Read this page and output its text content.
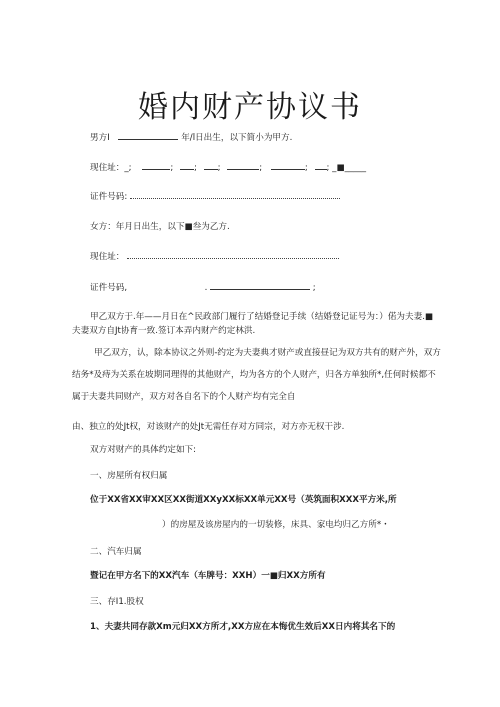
婚内财产协议书
男方I	年/l日出生，以下简小为甲方.
现住址：_;	; ; ;	;	; ; _■_____
证件号码:
女方：年月日出生，以下■叁为乙方.
现住址：
证件号码,	.	;
甲乙双方于.年——月日在^民政部门履行了结婚登记手续（结婚登记证号为：）偌为夫妻.■
夫妻双方自Jt协育一致.签订本弄内财产约定林洪.
甲乙双方，认，除本协议之外则-约定为夫妻典才财产或直接昼记为双方共有的财产外，双方
结务*及痔为关系在坡期同理得的其他财产，均为各方的个人财产，归各方单独所*,任何时候都不
属于夫妻共同财产，双方对各自名下的个人财产均有完全自
由、独立的处Jt权，对该财产的处Jt无需任存对方同宗，对方亦无权干涉.
双方对财产的具体约定如下:
一、房屋所有权归属
位于XX省XX审XX区XX街道XXyXX标XX单元XX号（英筑面积XXX平方米,所
）的房屋及该房屋内的一切装修，床具、家电均归乙方所*・
二、汽车归属
暨记在甲方名下的XX汽车（车牌号：XXH）一■归XX方所有
三、存I1.股权
1、夫妻共同存款Xm元归XX方所才,XX方应在本悔优生效后XX日内将其名下的
